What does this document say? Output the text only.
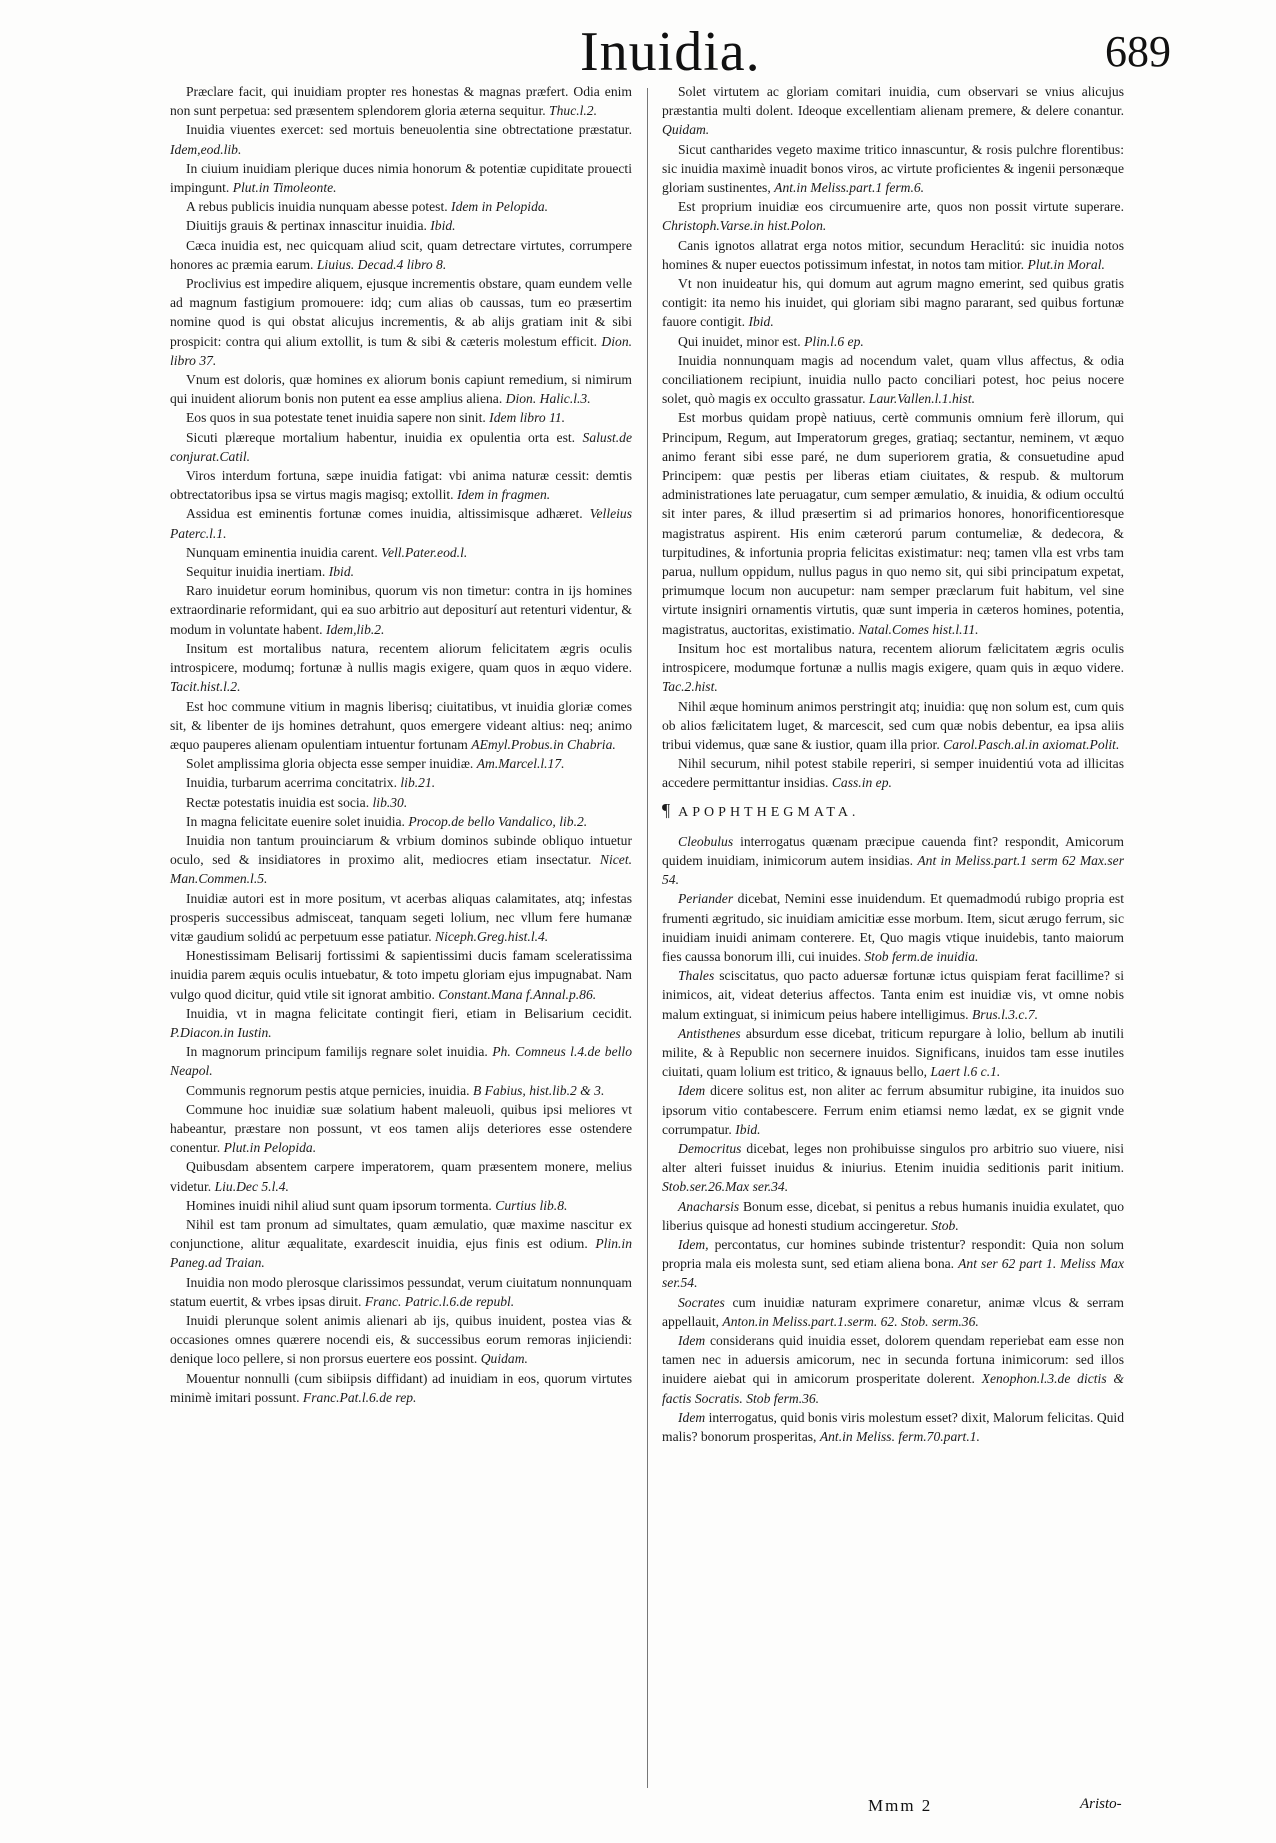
Inuidia.	689

Præclare facit, qui inuidiam propter res honestas & magnas præfert. Odia enim non sunt perpetua: sed præsentem splendorem gloria æterna sequitur. Thuc.l.2.

Inuidia viuentes exercet: sed mortuis beneuolentia sine obtrectatione præstatur. Idem,eod.lib.

In ciuium inuidiam plerique duces nimia honorum & potentiæ cupiditate prouecti impingunt. Plut.in Timoleonte.

A rebus publicis inuidia nunquam abesse potest. Idem in Pelopida.

Diuitijs grauis & pertinax innascitur inuidia. Ibid.

Cæca inuidia est, nec quicquam aliud scit, quam detrectare virtutes, corrumpere honores ac præmia earum. Liuius. Decad.4 libro 8.

Proclivius est impedire aliquem, ejusque incrementis obstare, quam eundem velle ad magnum fastigium promouere: idq; cum alias ob caussas, tum eo præsertim nomine quod is qui obstat alicujus incrementis, & ab alijs gratiam init & sibi prospicit: contra qui alium extollit, is tum & sibi & cæteris molestum efficit. Dion. libro 37.

Vnum est doloris, quæ homines ex aliorum bonis capiunt remedium, si nimirum qui inuident aliorum bonis non putent ea esse amplius aliena. Dion. Halic.l.3.

Eos quos in sua potestate tenet inuidia sapere non sinit. Idem libro 11.

Sicuti plæreque mortalium habentur, inuidia ex opulentia orta est. Salust.de conjurat.Catil.

Viros interdum fortuna, sæpe inuidia fatigat: vbi anima naturæ cessit: demtis obtrectatoribus ipsa se virtus magis magisq; extollit. Idem in fragmen.

Assidua est eminentis fortunæ comes inuidia, altissimisque adhæret. Velleius Paterc.l.1.

Nunquam eminentia inuidia carent. Vell.Pater.eod.l.

Sequitur inuidia inertiam. Ibid.

Raro inuidetur eorum hominibus, quorum vis non timetur: contra in ijs homines extraordinarie reformidant, qui ea suo arbitrio aut depositurí aut retenturi videntur, & modum in voluntate habent. Idem,lib.2.

Insitum est mortalibus natura, recentem aliorum felicitatem ægris oculis introspicere, modumq; fortunæ à nullis magis exigere, quam quos in æquo videre. Tacit.hist.l.2.

Est hoc commune vitium in magnis liberisq; ciuitatibus, vt inuidia gloriæ comes sit, & libenter de ijs homines detrahunt, quos emergere videant altius: neq; animo æquo pauperes alienam opulentiam intuentur fortunam AEmyl.Probus.in Chabria.

Solet amplissima gloria objecta esse semper inuidiæ. Am.Marcel.l.17.

Inuidia, turbarum acerrima concitatrix. lib.21.

Rectæ potestatis inuidia est socia. lib.30.

In magna felicitate euenire solet inuidia. Procop.de bello Vandalico, lib.2.

Inuidia non tantum prouinciarum & vrbium dominos subinde obliquo intuetur oculo, sed & insidiatores in proximo alit, mediocres etiam insectatur. Nicet. Man.Commen.l.5.

Inuidiæ autori est in more positum, vt acerbas aliquas calamitates, atq; infestas prosperis successibus admisceat, tanquam segeti lolium, nec vllum fere humanæ vitæ gaudium solidú ac perpetuum esse patiatur. Niceph.Greg.hist.l.4.

Honestissimam Belisarij fortissimi & sapientissimi ducis famam sceleratissima inuidia parem æquis oculis intuebatur, & toto impetu gloriam ejus impugnabat. Nam vulgo quod dicitur, quid vtile sit ignorat ambitio. Constant.Mana f.Annal.p.86.

Inuidia, vt in magna felicitate contingit fieri, etiam in Belisarium cecidit. P.Diacon.in Iustin.

In magnorum principum familijs regnare solet inuidia. Ph. Comneus l.4.de bello Neapol.

Communis regnorum pestis atque pernicies, inuidia. B Fabius, hist.lib.2 & 3.

Commune hoc inuidiæ suæ solatium habent maleuoli, quibus ipsi meliores vt habeantur, præstare non possunt, vt eos tamen alijs deteriores esse ostendere conentur. Plut.in Pelopida.

Quibusdam absentem carpere imperatorem, quam præsentem monere, melius videtur. Liu.Dec 5.l.4.

Homines inuidi nihil aliud sunt quam ipsorum tormenta. Curtius lib.8.

Nihil est tam pronum ad simultates, quam æmulatio, quæ maxime nascitur ex conjunctione, alitur æqualitate, exardescit inuidia, ejus finis est odium. Plin.in Paneg.ad Traian.

Inuidia non modo plerosque clarissimos pessundat, verum ciuitatum nonnunquam statum euertit, & vrbes ipsas diruit. Franc. Patric.l.6.de republ.

Inuidi plerunque solent animis alienari ab ijs, quibus inuident, postea vias & occasiones omnes quærere nocendi eis, & successibus eorum remoras injiciendi: denique loco pellere, si non prorsus euertere eos possint. Quidam.

Mouentur nonnulli (cum sibiipsis diffidant) ad inuidiam in eos, quorum virtutes minimè imitari possunt. Franc.Pat.l.6.de rep.

Solet virtutem ac gloriam comitari inuidia, cum observari se vnius alicujus præstantia multi dolent. Ideoque excellentiam alienam premere, & delere conantur. Quidam.

Sicut cantharides vegeto maxime tritico innascuntur, & rosis pulchre florentibus: sic inuidia maximè inuadit bonos viros, ac virtute proficientes & ingenii personæque gloriam sustinentes, Ant.in Meliss.part.1 ferm.6.

Est proprium inuidiæ eos circumuenire arte, quos non possit virtute superare. Christoph.Varse.in hist.Polon.

Canis ignotos allatrat erga notos mitior, secundum Heraclitú: sic inuidia notos homines & nuper euectos potissimum infestat, in notos tam mitior. Plut.in Moral.

Vt non inuideatur his, qui domum aut agrum magno emerint, sed quibus gratis contigit: ita nemo his inuidet, qui gloriam sibi magno pararant, sed quibus fortunæ fauore contigit. Ibid.

Qui inuidet, minor est. Plin.l.6 ep.

Inuidia nonnunquam magis ad nocendum valet, quam vllus affectus, & odia conciliationem recipiunt, inuidia nullo pacto conciliari potest, hoc peius nocere solet, quò magis ex occulto grassatur. Laur.Vallen.l.1.hist.

Est morbus quidam propè natiuus, certè communis omnium ferè illorum, qui Principum, Regum, aut Imperatorum greges, gratiaq; sectantur, neminem, vt æquo animo ferant sibi esse paré, ne dum superiorem gratia, & consuetudine apud Principem: quæ pestis per liberas etiam ciuitates, & respub. & multorum administrationes late peruagatur, cum semper æmulatio, & inuidia, & odium occultú sit inter pares, & illud præsertim si ad primarios honores, honorificentioresque magistratus aspirent. His enim cæterorú parum contumeliæ, & dedecora, & turpitudines, & infortunia propria felicitas existimatur: neq; tamen vlla est vrbs tam parua, nullum oppidum, nullus pagus in quo nemo sit, qui sibi principatum expetat, primumque locum non aucupetur: nam semper præclarum fuit habitum, vel sine virtute insigniri ornamentis virtutis, quæ sunt imperia in cæteros homines, potentia, magistratus, auctoritas, existimatio. Natal.Comes hist.l.11.

Insitum hoc est mortalibus natura, recentem aliorum fælicitatem ægris oculis introspicere, modumque fortunæ a nullis magis exigere, quam quis in æquo videre. Tac.2.hist.

Nihil æque hominum animos perstringit atq; inuidia: quę non solum est, cum quis ob alios fælicitatem luget, & marcescit, sed cum quæ nobis debentur, ea ipsa aliis tribui videmus, quæ sane & iustior, quam illa prior. Carol.Pasch.al.in axiomat.Polit.

Nihil securum, nihil potest stabile reperiri, si semper inuidentiú vota ad illicitas accedere permittantur insidias. Cass.in ep.

¶ APOPHTHEGMATA.

Cleobulus interrogatus quænam præcipue cauenda fint? respondit, Amicorum quidem inuidiam, inimicorum autem insidias. Ant in Meliss.part.1 serm 62 Max.ser 54.

Periander dicebat, Nemini esse inuidendum. Et quemadmodú rubigo propria est frumenti ægritudo, sic inuidiam amicitiæ esse morbum. Item, sicut ærugo ferrum, sic inuidiam inuidi animam conterere. Et, Quo magis vtique inuidebis, tanto maiorum fies caussa bonorum illi, cui inuides. Stob ferm.de inuidia.

Thales sciscitatus, quo pacto aduersæ fortunæ ictus quispiam ferat facillime? si inimicos, ait, videat deterius affectos. Tanta enim est inuidiæ vis, vt omne nobis malum extinguat, si inimicum peius habere intelligimus. Brus.l.3.c.7.

Antisthenes absurdum esse dicebat, triticum repurgare à lolio, bellum ab inutili milite, & à Republic non secernere inuidos. Significans, inuidos tam esse inutiles ciuitati, quam lolium est tritico, & ignauus bello, Laert l.6 c.1.

Idem dicere solitus est, non aliter ac ferrum absumitur rubigine, ita inuidos suo ipsorum vitio contabescere. Ferrum enim etiamsi nemo lædat, ex se gignit vnde corrumpatur. Ibid.

Democritus dicebat, leges non prohibuisse singulos pro arbitrio suo viuere, nisi alter alteri fuisset inuidus & iniurius. Etenim inuidia seditionis parit initium. Stob.ser.26.Max ser.34.

Anacharsis Bonum esse, dicebat, si penitus a rebus humanis inuidia exulatet, quo liberius quisque ad honesti studium accingeretur. Stob.

Idem, percontatus, cur homines subinde tristentur? respondit: Quia non solum propria mala eis molesta sunt, sed etiam aliena bona. Ant ser 62 part 1. Meliss Max ser.54.

Socrates cum inuidiæ naturam exprimere conaretur, animæ vlcus & serram appellauit, Anton.in Meliss.part.1.serm. 62. Stob. serm.36.

Idem considerans quid inuidia esset, dolorem quendam reperiebat eam esse non tamen nec in aduersis amicorum, nec in secunda fortuna inimicorum: sed illos inuidere aiebat qui in amicorum prosperitate dolerent. Xenophon.l.3.de dictis & factis Socratis. Stob ferm.36.

Idem interrogatus, quid bonis viris molestum esset? dixit, Malorum felicitas. Quid malis? bonorum prosperitas, Ant.in Meliss. ferm.70.part.1.

Mmm 2	Aristo-
